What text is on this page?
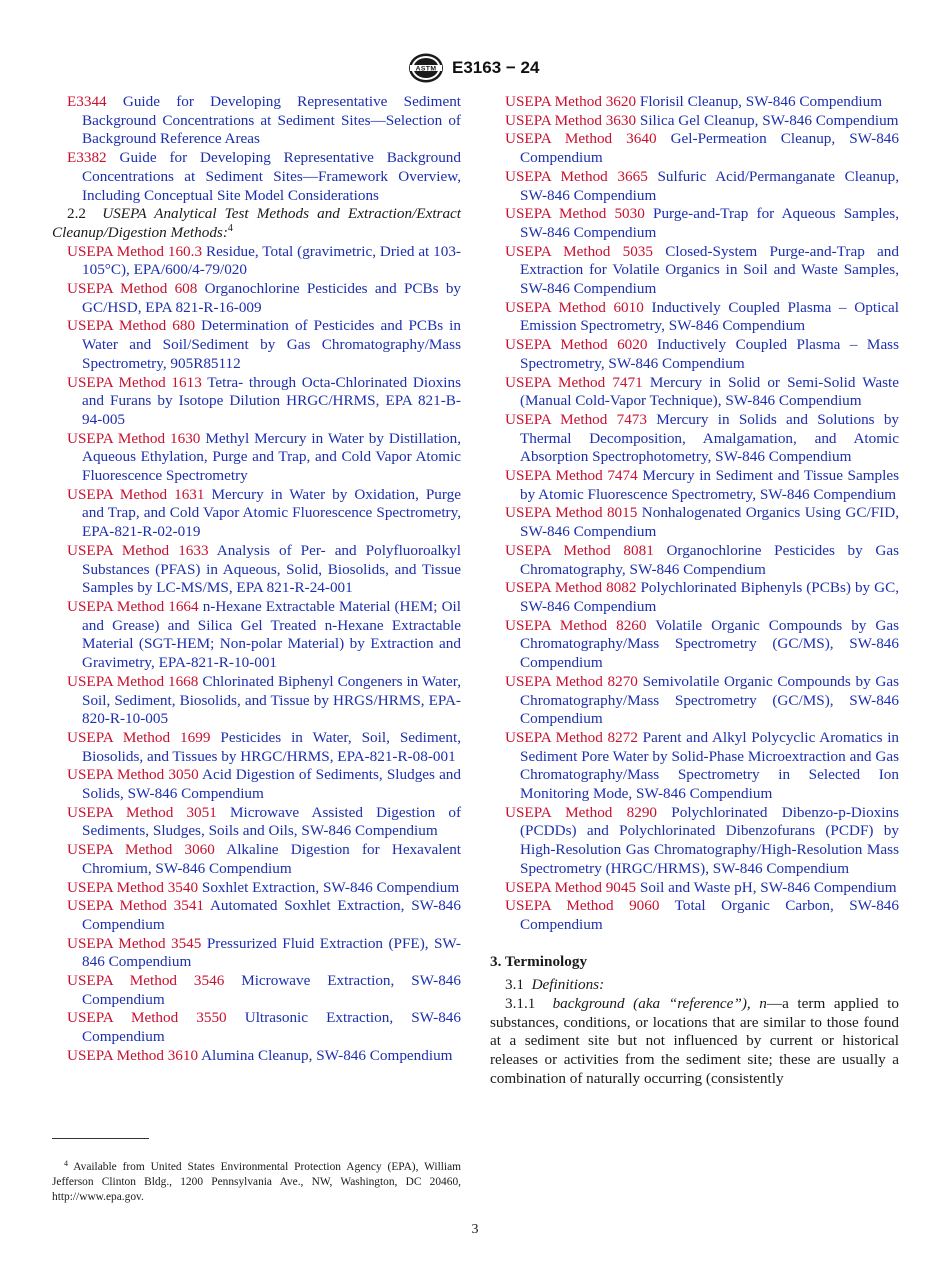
ASTM E3163 − 24

E3344 Guide for Developing Representative Sediment Background Concentrations at Sediment Sites—Selection of Background Reference Areas

E3382 Guide for Developing Representative Background Concentrations at Sediment Sites—Framework Overview, Including Conceptual Site Model Considerations

2.2 USEPA Analytical Test Methods and Extraction/Extract Cleanup/Digestion Methods:$^4$

USEPA Method 160.3 Residue, Total (gravimetric, Dried at 103-105°C), EPA/600/4-79/020

USEPA Method 608 Organochlorine Pesticides and PCBs by GC/HSD, EPA 821-R-16-009

USEPA Method 680 Determination of Pesticides and PCBs in Water and Soil/Sediment by Gas Chromatography/Mass Spectrometry, 905R85112

USEPA Method 1613 Tetra- through Octa-Chlorinated Dioxins and Furans by Isotope Dilution HRGC/HRMS, EPA 821-B-94-005

USEPA Method 1630 Methyl Mercury in Water by Distillation, Aqueous Ethylation, Purge and Trap, and Cold Vapor Atomic Fluorescence Spectrometry

USEPA Method 1631 Mercury in Water by Oxidation, Purge and Trap, and Cold Vapor Atomic Fluorescence Spectrometry, EPA-821-R-02-019

USEPA Method 1633 Analysis of Per- and Polyfluoroalkyl Substances (PFAS) in Aqueous, Solid, Biosolids, and Tissue Samples by LC-MS/MS, EPA 821-R-24-001

USEPA Method 1664 n-Hexane Extractable Material (HEM; Oil and Grease) and Silica Gel Treated n-Hexane Extractable Material (SGT-HEM; Non-polar Material) by Extraction and Gravimetry, EPA-821-R-10-001

USEPA Method 1668 Chlorinated Biphenyl Congeners in Water, Soil, Sediment, Biosolids, and Tissue by HRGS/HRMS, EPA-820-R-10-005

USEPA Method 1699 Pesticides in Water, Soil, Sediment, Biosolids, and Tissues by HRGC/HRMS, EPA-821-R-08-001

USEPA Method 3050 Acid Digestion of Sediments, Sludges and Solids, SW-846 Compendium

USEPA Method 3051 Microwave Assisted Digestion of Sediments, Sludges, Soils and Oils, SW-846 Compendium

USEPA Method 3060 Alkaline Digestion for Hexavalent Chromium, SW-846 Compendium

USEPA Method 3540 Soxhlet Extraction, SW-846 Compendium

USEPA Method 3541 Automated Soxhlet Extraction, SW-846 Compendium

USEPA Method 3545 Pressurized Fluid Extraction (PFE), SW-846 Compendium

USEPA Method 3546 Microwave Extraction, SW-846 Compendium

USEPA Method 3550 Ultrasonic Extraction, SW-846 Compendium

USEPA Method 3610 Alumina Cleanup, SW-846 Compendium

USEPA Method 3620 Florisil Cleanup, SW-846 Compendium

USEPA Method 3630 Silica Gel Cleanup, SW-846 Compendium

USEPA Method 3640 Gel-Permeation Cleanup, SW-846 Compendium

USEPA Method 3665 Sulfuric Acid/Permanganate Cleanup, SW-846 Compendium

USEPA Method 5030 Purge-and-Trap for Aqueous Samples, SW-846 Compendium

USEPA Method 5035 Closed-System Purge-and-Trap and Extraction for Volatile Organics in Soil and Waste Samples, SW-846 Compendium

USEPA Method 6010 Inductively Coupled Plasma – Optical Emission Spectrometry, SW-846 Compendium

USEPA Method 6020 Inductively Coupled Plasma – Mass Spectrometry, SW-846 Compendium

USEPA Method 7471 Mercury in Solid or Semi-Solid Waste (Manual Cold-Vapor Technique), SW-846 Compendium

USEPA Method 7473 Mercury in Solids and Solutions by Thermal Decomposition, Amalgamation, and Atomic Absorption Spectrophotometry, SW-846 Compendium

USEPA Method 7474 Mercury in Sediment and Tissue Samples by Atomic Fluorescence Spectrometry, SW-846 Compendium

USEPA Method 8015 Nonhalogenated Organics Using GC/FID, SW-846 Compendium

USEPA Method 8081 Organochlorine Pesticides by Gas Chromatography, SW-846 Compendium

USEPA Method 8082 Polychlorinated Biphenyls (PCBs) by GC, SW-846 Compendium

USEPA Method 8260 Volatile Organic Compounds by Gas Chromatography/Mass Spectrometry (GC/MS), SW-846 Compendium

USEPA Method 8270 Semivolatile Organic Compounds by Gas Chromatography/Mass Spectrometry (GC/MS), SW-846 Compendium

USEPA Method 8272 Parent and Alkyl Polycyclic Aromatics in Sediment Pore Water by Solid-Phase Microextraction and Gas Chromatography/Mass Spectrometry in Selected Ion Monitoring Mode, SW-846 Compendium

USEPA Method 8290 Polychlorinated Dibenzo-p-Dioxins (PCDDs) and Polychlorinated Dibenzofurans (PCDF) by High-Resolution Gas Chromatography/High-Resolution Mass Spectrometry (HRGC/HRMS), SW-846 Compendium

USEPA Method 9045 Soil and Waste pH, SW-846 Compendium

USEPA Method 9060 Total Organic Carbon, SW-846 Compendium

3. Terminology

3.1 Definitions:

3.1.1 background (aka “reference”), n—a term applied to substances, conditions, or locations that are similar to those found at a sediment site but not influenced by current or historical releases or activities from the sediment site; these are usually a combination of naturally occurring (consistently

$^4$ Available from United States Environmental Protection Agency (EPA), William Jefferson Clinton Bldg., 1200 Pennsylvania Ave., NW, Washington, DC 20460, http://www.epa.gov.

3
